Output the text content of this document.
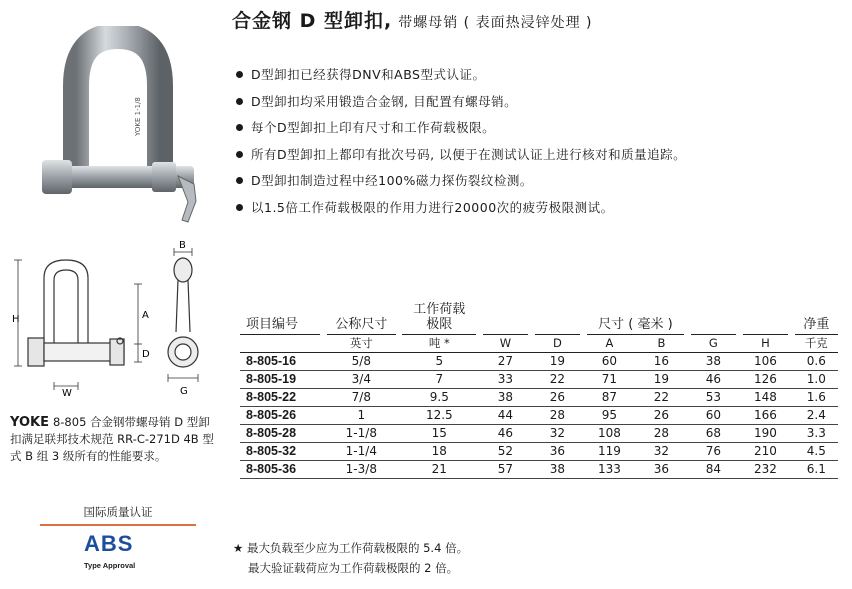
合金钢 D 型卸扣, 带螺母销 ( 表面热浸锌处理 )
YOKE 1-1/8
D型卸扣已经获得DNV和ABS型式认证。
D型卸扣均采用锻造合金钢, 目配置有螺母销。
每个D型卸扣上印有尺寸和工作荷载极限。
所有D型卸扣上都印有批次号码, 以便于在测试认证上进行核对和质量追踪。
D型卸扣制造过程中经100%磁力探伤裂纹检测。
以1.5倍工作荷载极限的作用力进行20000次的疲劳极限测试。
H	A
D
W
B
G
YOKE 8-805 合金钢带螺母销 D 型卸扣满足联邦技术规范 RR-C-271D 4B 型式 B 组 3 级所有的性能要求。
国际质量认证
ABS
Type Approval
项目编号		公称尺寸		工作荷载极限						尺寸 ( 毫米 )								净重
		英寸		吨 *		W		D		A		B		G		H		千克
8-805-16		5/8		5		27		19		60		16		38		106		0.6
8-805-19		3/4		7		33		22		71		19		46		126		1.0
8-805-22		7/8		9.5		38		26		87		22		53		148		1.6
8-805-26		1		12.5		44		28		95		26		60		166		2.4
8-805-28		1-1/8		15		46		32		108		28		68		190		3.3
8-805-32		1-1/4		18		52		36		119		32		76		210		4.5
8-805-36		1-3/8		21		57		38		133		36		84		232		6.1
★ 最大负载至少应为工作荷载极限的 5.4 倍。
最大验证载荷应为工作荷载极限的 2 倍。
